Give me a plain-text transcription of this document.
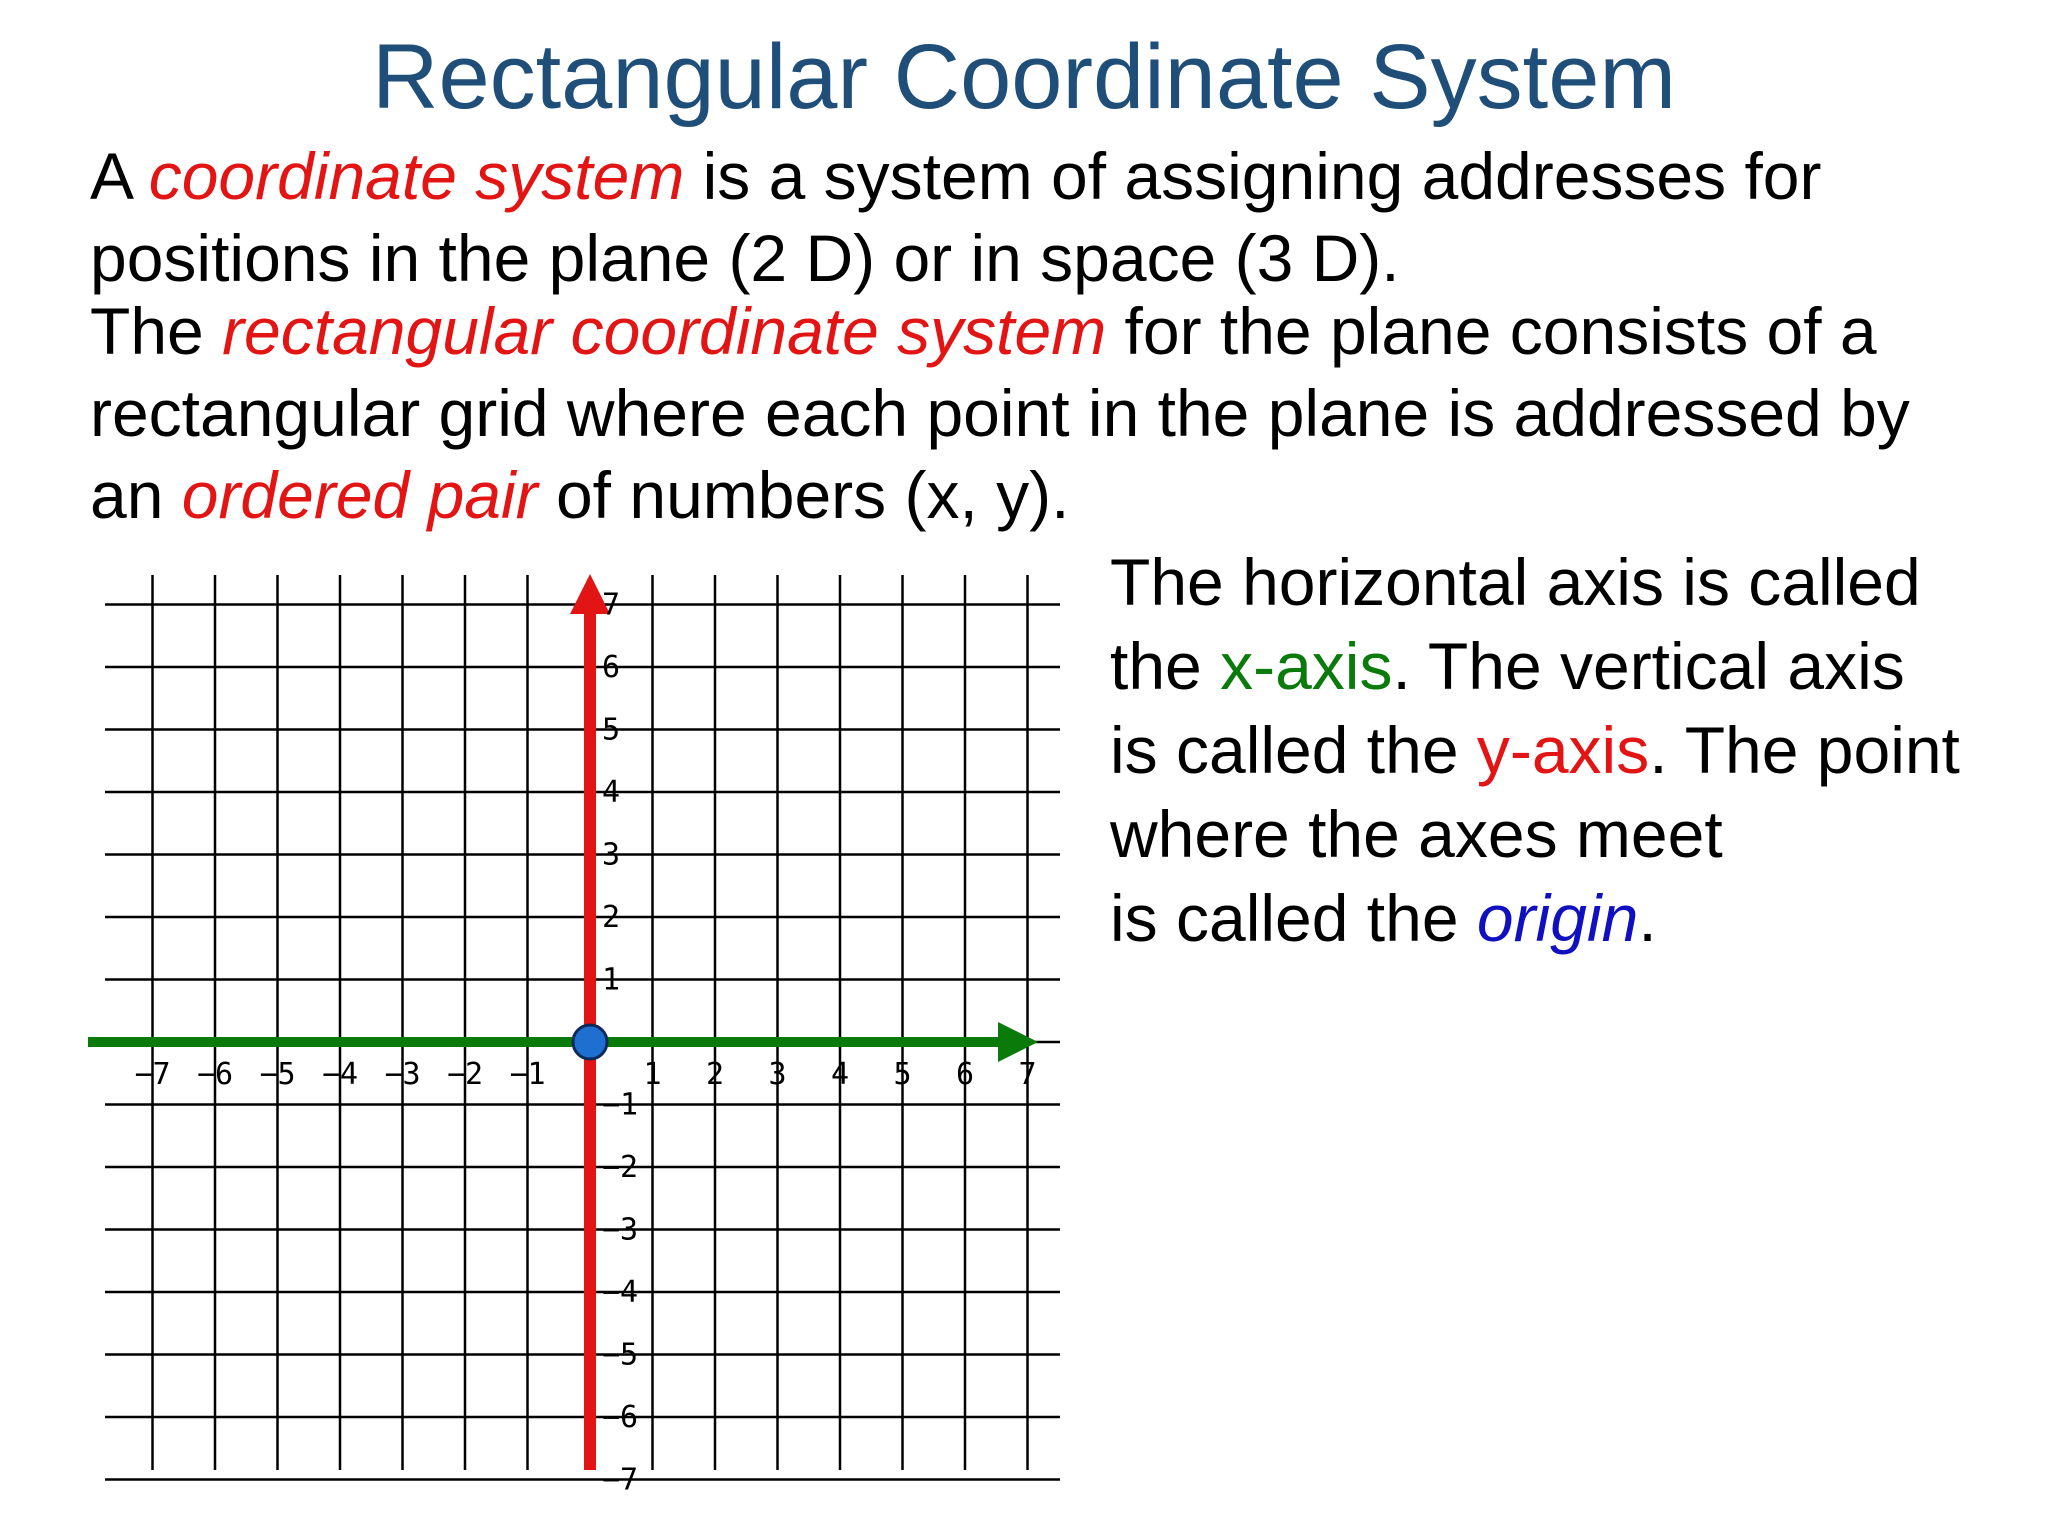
Rectangular Coordinate System
A coordinate system is a system of assigning addresses for
positions in the plane (2 D) or in space (3 D).
The rectangular coordinate system for the plane consists of a
rectangular grid where each point in the plane is addressed by
an ordered pair of numbers (x, y).
The horizontal axis is called
the x-axis. The vertical axis
is called the y-axis. The point
where the axes meet
is called the origin.
−7 −6 −5 −4 −3 −2 −1	1 2 3 4 5 6 7
7
6
5
4
3
2
1
−1
−2
−3
−4
−5
−6
−7
